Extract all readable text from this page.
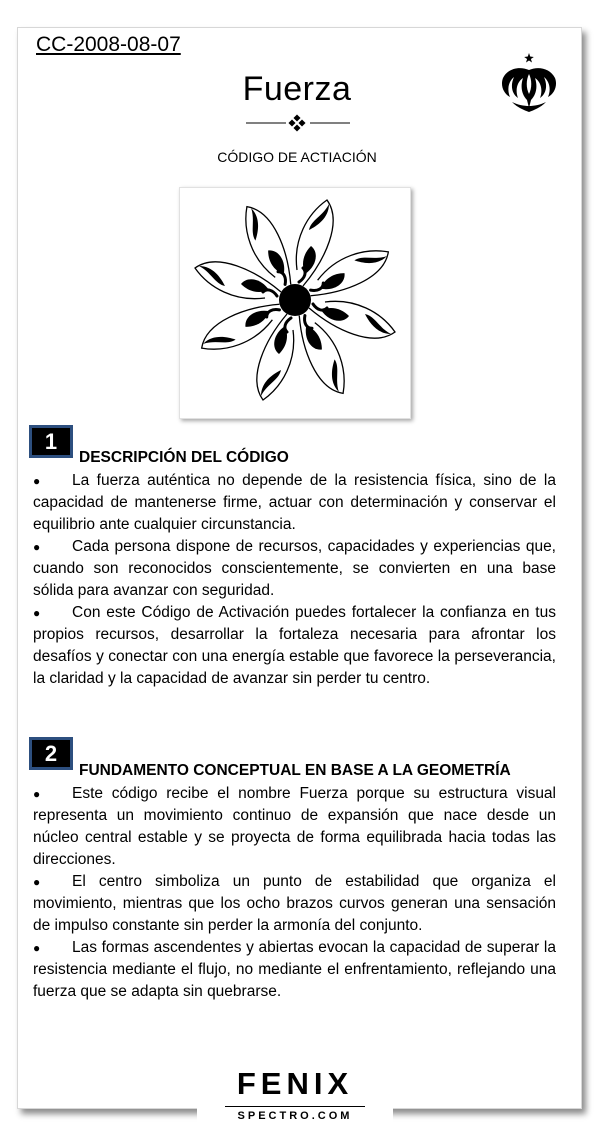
CC-2008-08-07
Fuerza
CÓDIGO DE ACTIACIÓN
1
DESCRIPCIÓN DEL CÓDIGO

● La fuerza auténtica no depende de la resistencia física, sino de la capacidad de mantenerse firme, actuar con determinación y conservar el equilibrio ante cualquier circunstancia.

● Cada persona dispone de recursos, capacidades y experiencias que, cuando son reconocidos conscientemente, se convierten en una base sólida para avanzar con seguridad.

● Con este Código de Activación puedes fortalecer la confianza en tus propios recursos, desarrollar la fortaleza necesaria para afrontar los desafíos y conectar con una energía estable que favorece la perseverancia, la claridad y la capacidad de avanzar sin perder tu centro.

2
FUNDAMENTO CONCEPTUAL EN BASE A LA GEOMETRÍA

● Este código recibe el nombre Fuerza porque su estructura visual representa un movimiento continuo de expansión que nace desde un núcleo central estable y se proyecta de forma equilibrada hacia todas las direcciones.

● El centro simboliza un punto de estabilidad que organiza el movimiento, mientras que los ocho brazos curvos generan una sensación de impulso constante sin perder la armonía del conjunto.

● Las formas ascendentes y abiertas evocan la capacidad de superar la resistencia mediante el flujo, no mediante el enfrentamiento, reflejando una fuerza que se adapta sin quebrarse.

FENIX
SPECTRO.COM
